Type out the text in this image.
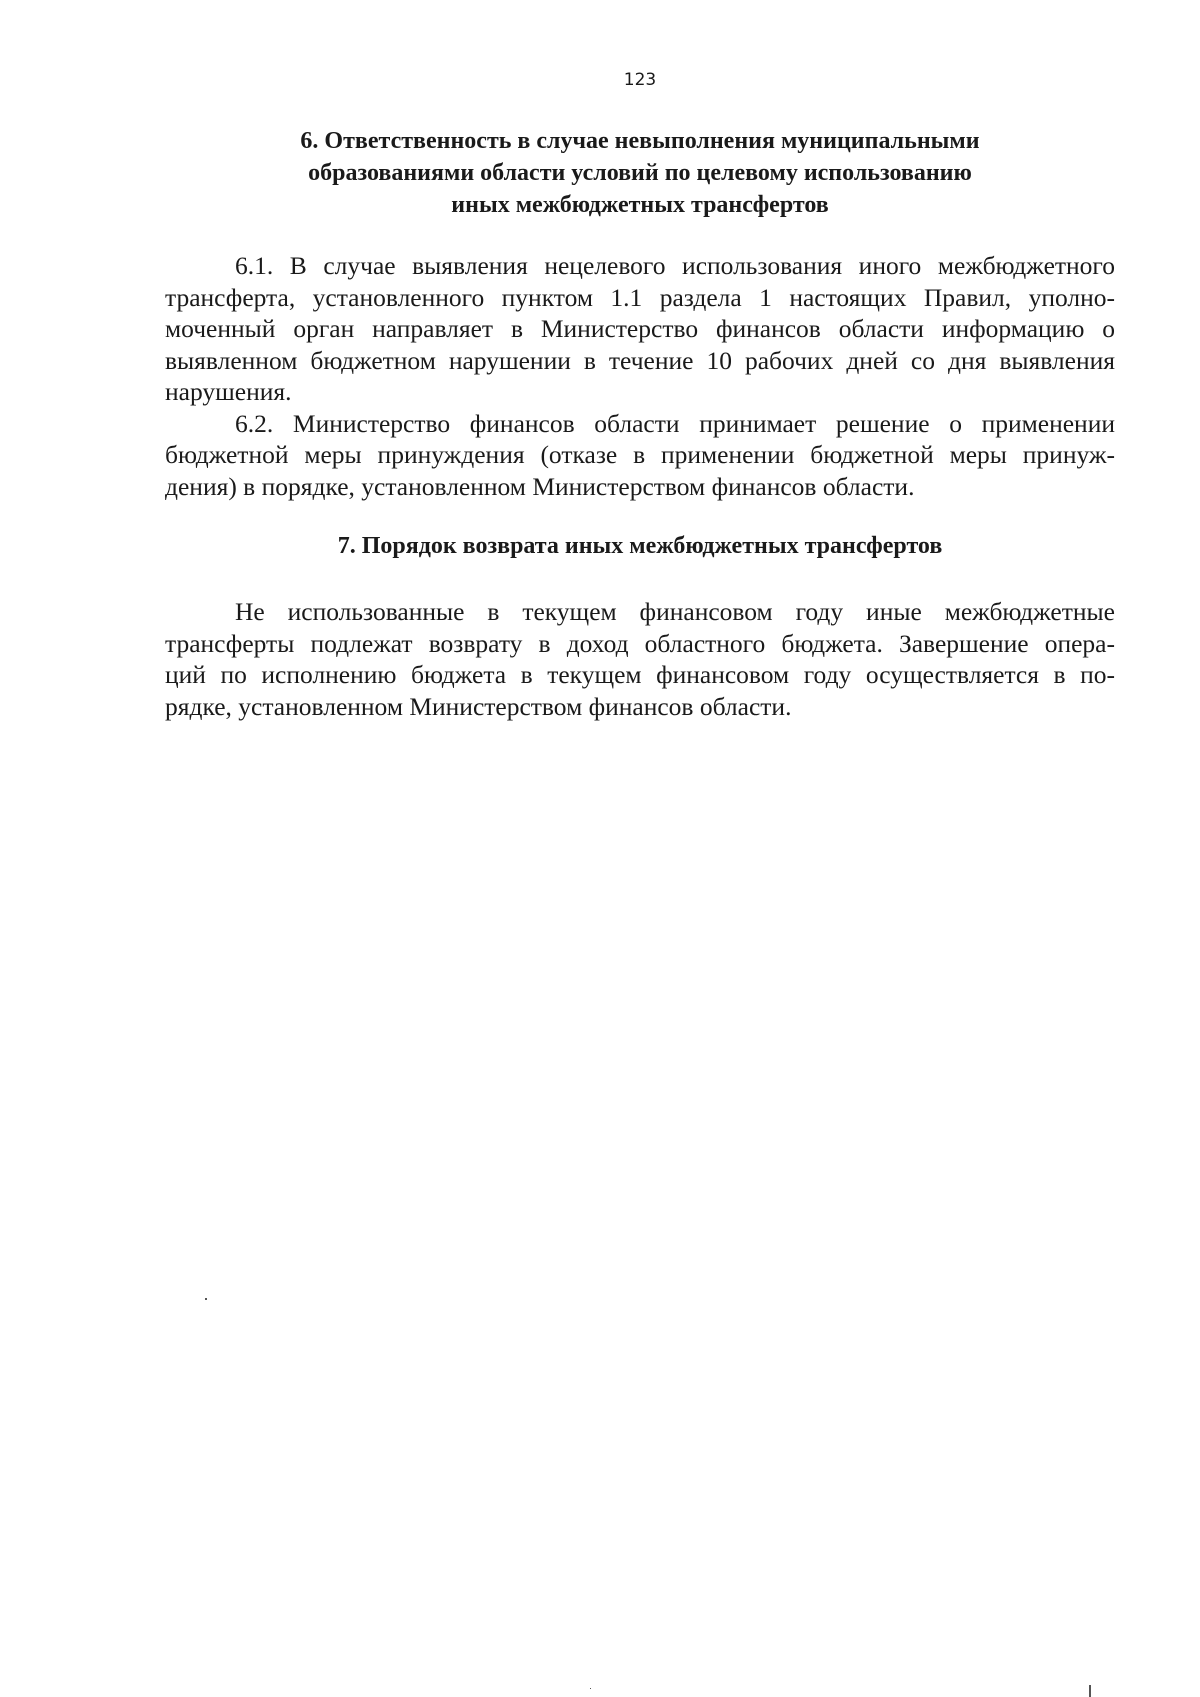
123
6. Ответственность в случае невыполнения муниципальными
образованиями области условий по целевому использованию
иных межбюджетных трансфертов

6.1. В случае выявления нецелевого использования иного межбюджетного
трансферта, установленного пунктом 1.1 раздела 1 настоящих Правил, уполно-
моченный орган направляет в Министерство финансов области информацию о
выявленном бюджетном нарушении в течение 10 рабочих дней со дня выявления
нарушения.

6.2. Министерство финансов области принимает решение о применении
бюджетной меры принуждения (отказе в применении бюджетной меры принуж-
дения) в порядке, установленном Министерством финансов области.

7. Порядок возврата иных межбюджетных трансфертов

Не использованные в текущем финансовом году иные межбюджетные
трансферты подлежат возврату в доход областного бюджета. Завершение опера-
ций по исполнению бюджета в текущем финансовом году осуществляется в по-
рядке, установленном Министерством финансов области.
